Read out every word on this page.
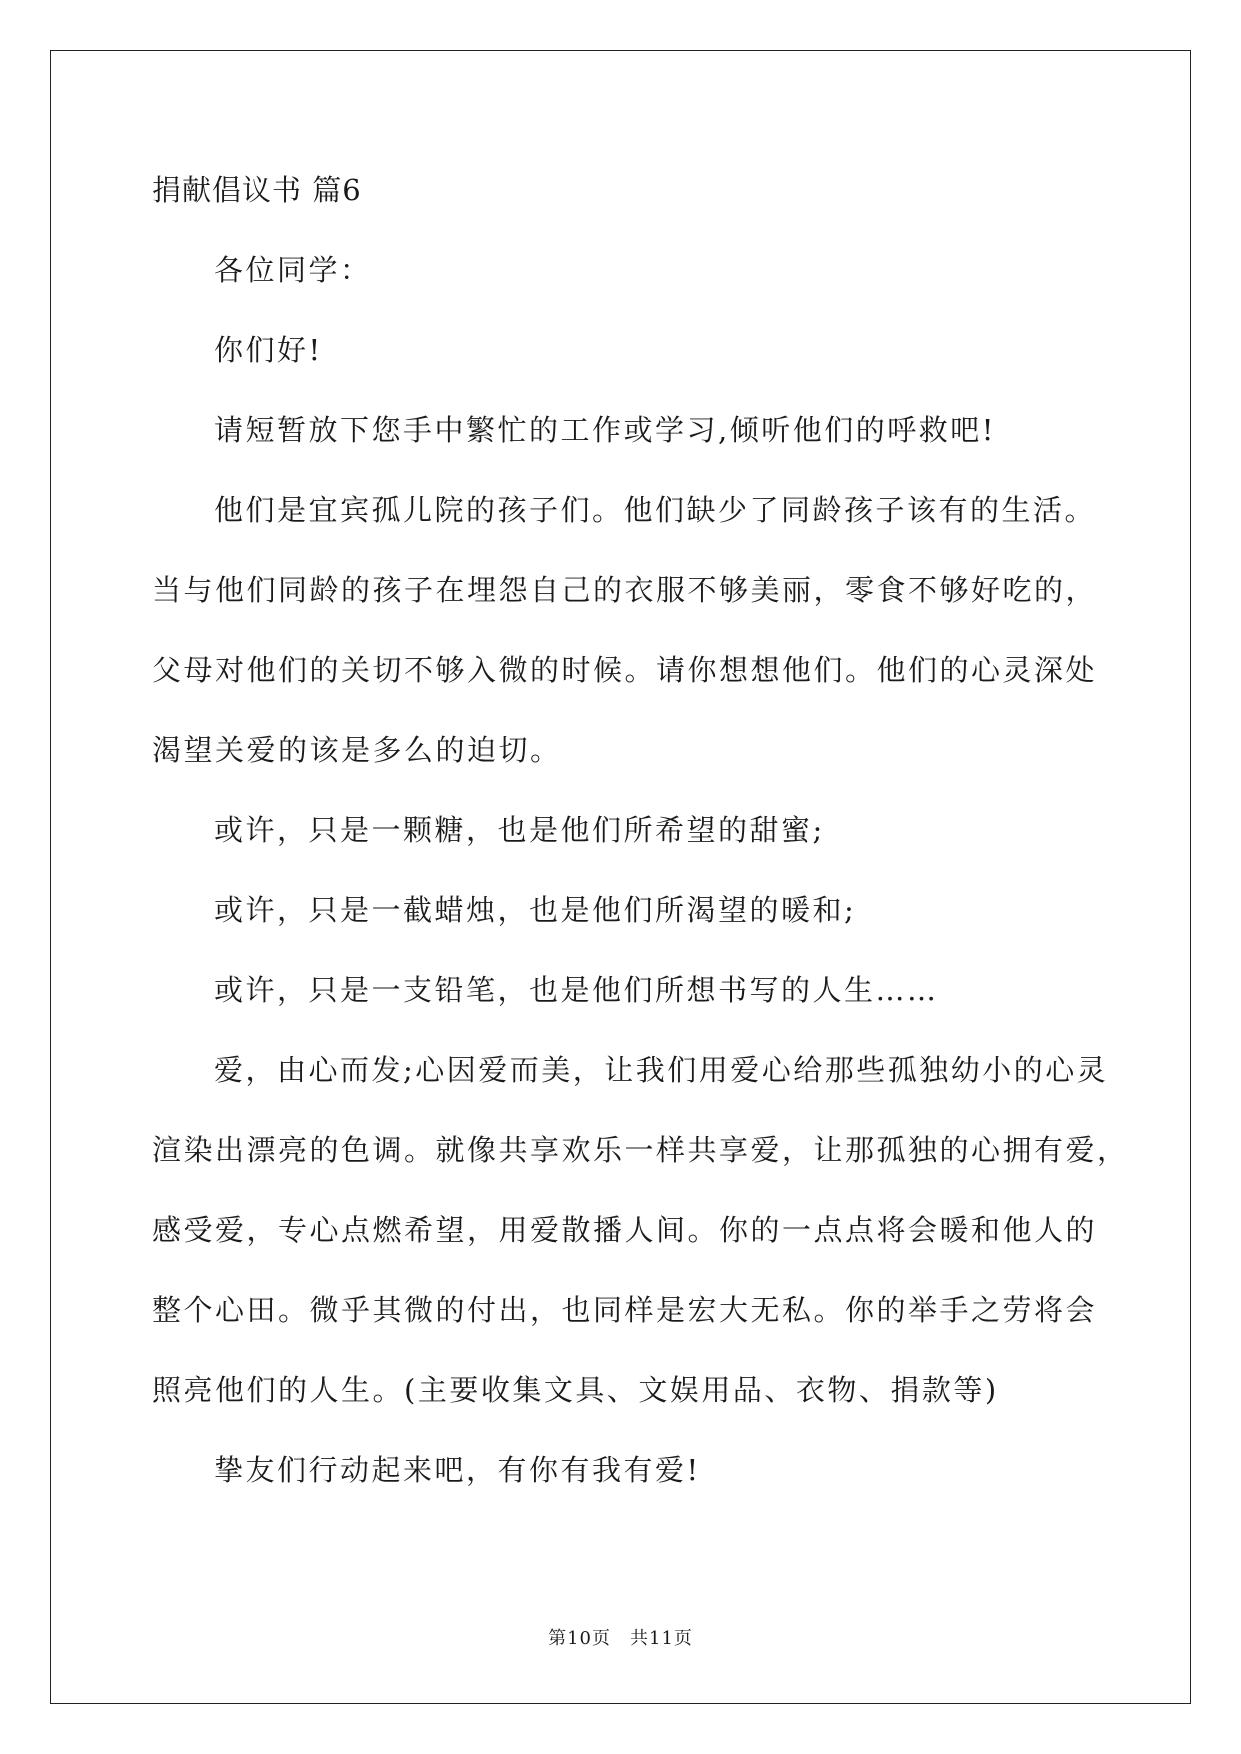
捐献倡议书 篇6
各位同学：
你们好!
请短暂放下您手中繁忙的工作或学习,倾听他们的呼救吧!
他们是宜宾孤儿院的孩子们。他们缺少了同龄孩子该有的生活。
当与他们同龄的孩子在埋怨自己的衣服不够美丽，零食不够好吃的，
父母对他们的关切不够入微的时候。请你想想他们。他们的心灵深处
渴望关爱的该是多么的迫切。
或许，只是一颗糖，也是他们所希望的甜蜜;
或许，只是一截蜡烛，也是他们所渴望的暖和;
或许，只是一支铅笔，也是他们所想书写的人生……
爱，由心而发;心因爱而美，让我们用爱心给那些孤独幼小的心灵
渲染出漂亮的色调。就像共享欢乐一样共享爱，让那孤独的心拥有爱，
感受爱，专心点燃希望，用爱散播人间。你的一点点将会暖和他人的
整个心田。微乎其微的付出，也同样是宏大无私。你的举手之劳将会
照亮他们的人生。(主要收集文具、文娱用品、衣物、捐款等)
挚友们行动起来吧，有你有我有爱!
第10页　共11页
